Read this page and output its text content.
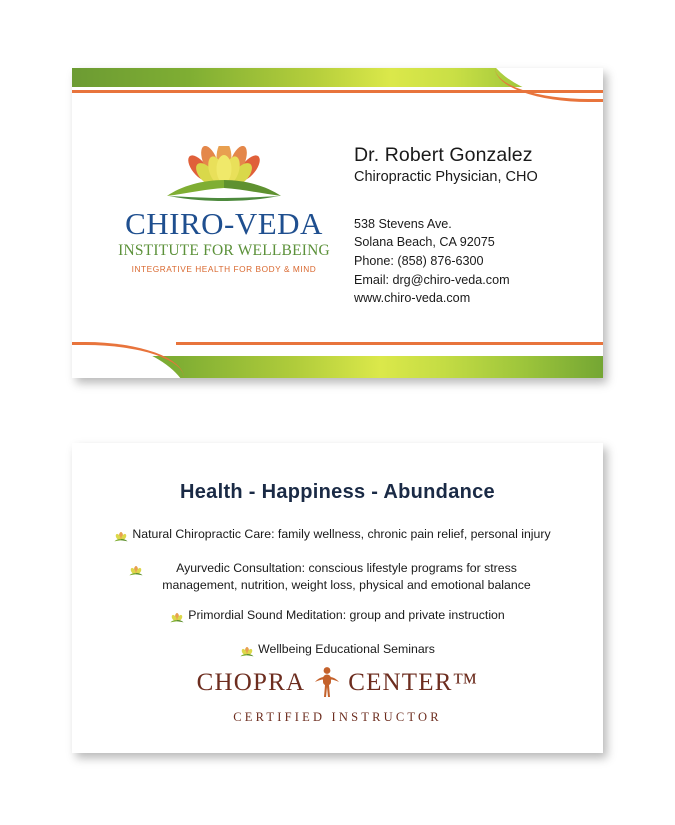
CHIRO-VEDA
INSTITUTE FOR WELLBEING
INTEGRATIVE HEALTH FOR BODY & MIND

Dr. Robert Gonzalez

Chiropractic Physician, CHO

538 Stevens Ave.
Solana Beach, CA 92075
Phone: (858) 876-6300
Email: drg@chiro-veda.com
www.chiro-veda.com
Health - Happiness - Abundance
Natural Chiropractic Care: family wellness, chronic pain relief, personal injury
Ayurvedic Consultation: conscious lifestyle programs for stress management, nutrition, weight loss, physical and emotional balance
Primordial Sound Meditation: group and private instruction
Wellbeing Educational Seminars
CHOPRA CENTER™
CERTIFIED INSTRUCTOR
